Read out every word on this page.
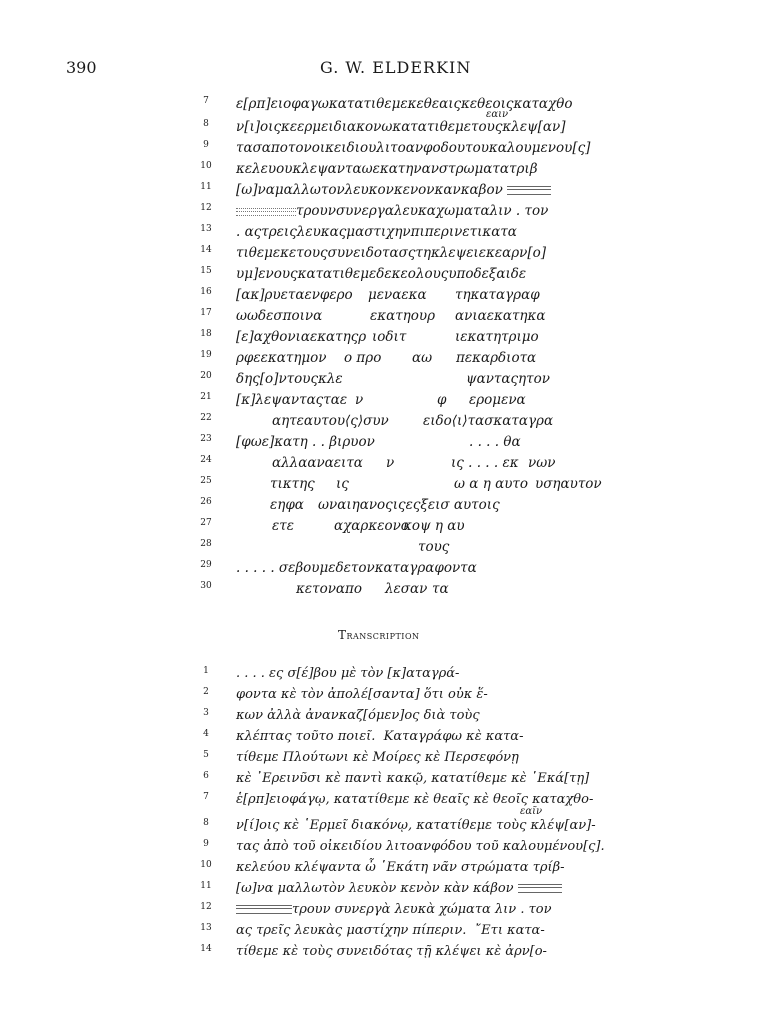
390	G. W. ELDERKIN
7	ε[ρπ]ειοφαγωκατατιθεμεκεθεαιςκεθεοιςκαταχθο
εαιν
8	ν[ι]οιςκεερμειδιακονωκατατιθεμετουςκλεψ[αν]
9	τασαποτονοικειδιουλιτοανφοδουτουκαλουμενου[ς]
10	κελευουκλεψανταωεκατηνανστρωματατριβ
11	[ω]ναμαλλωτονλευκονκενονκανκαβον
12	τρουνσυνεργαλευκαχωματαλιν . τον
13	. αςτρειςλευκαςμαστιχηνπιπερινετικατα
14	τιθεμεκετουςσυνειδοτασςτηκλεψειεκεαρν[ο]
15	υμ]ενουςκατατιθεμεδεκεολουςυποδεξαιδε
16	[ακ]ρυεταενφερο μεναεκα τηκαταγραφ
17	ωωδεσποινα	εκατηουρ ανιαεκατηκα
18	[ε]αχθονιαεκατηςρ ιοδιτ	ιεκατητριμο
19	ρφεεκατημον ο προ αω πεκαρδιοτα
20	δης[ο]ντουςκλε	ψανταςητον
21	[κ]λεψανταςταε ν	φ ερομενα
22	αητεαυτου⟨ς⟩συν	ειδο⟨ι⟩τασκαταγρα
23	[φωε]κατη . . βιρυον	. . . . θα
24	αλλααναειτα ν	ις . . . . εκ νων
25	τικτης ις	ω α η αυτο υσηαυτον
26	εηφα ωναιηανοςιςεςξεισ αυτοις
27	ετε	αχαρκεονο
κοψ η αυ
28	τους
29	. . . . . σεβουμεδετονκαταγραφοντα
30	κετοναπο λεσαν τα
Transcription
1	. . . . ες σ[έ]βου μὲ τὸν [κ]αταγρά-
2	φοντα κὲ τὸν ἀπολέ[σαντα] ὅτι οὐκ ἕ-
3	κων ἀλλὰ ἀνανκαζ[όμεν]ος διὰ τοὺς
4	κλέπτας τοῦτο ποιεῖ.  Καταγράφω κὲ κατα-
5	τίθεμε Πλούτωνι κὲ Μοίρες κὲ Περσεφόνῃ
6	κὲ ᾿Ερεινῦσι κὲ παντὶ κακῷ, κατατίθεμε κὲ ῾Εκά[τῃ]
7	ἑ[ρπ]ειοφάγῳ, κατατίθεμε κὲ θεαῖς κὲ θεοῖς καταχθο-
εαῖν
8	ν[ί]οις κὲ ῾Ερμεῖ διακόνῳ, κατατίθεμε τοὺς κλέψ[αν]-
9	τας ἀπὸ τοῦ οἰκειδίου λιτοανφόδου τοῦ καλουμένου[ς].
10	κελεύου κλέψαντα ὦ ῾Εκάτη νᾶν στρώματα τρίβ-
11	[ω]να μαλλωτὸν λευκὸν κενὸν κὰν κάβον
12	τρουν συνεργὰ λευκὰ χώματα λιν . τον
13	ας τρεῖς λευκὰς μαστίχην πίπεριν.  ῎Ετι κατα-
14	τίθεμε κὲ τοὺς συνειδότας τῇ κλέψει κὲ ἀρν[ο-
